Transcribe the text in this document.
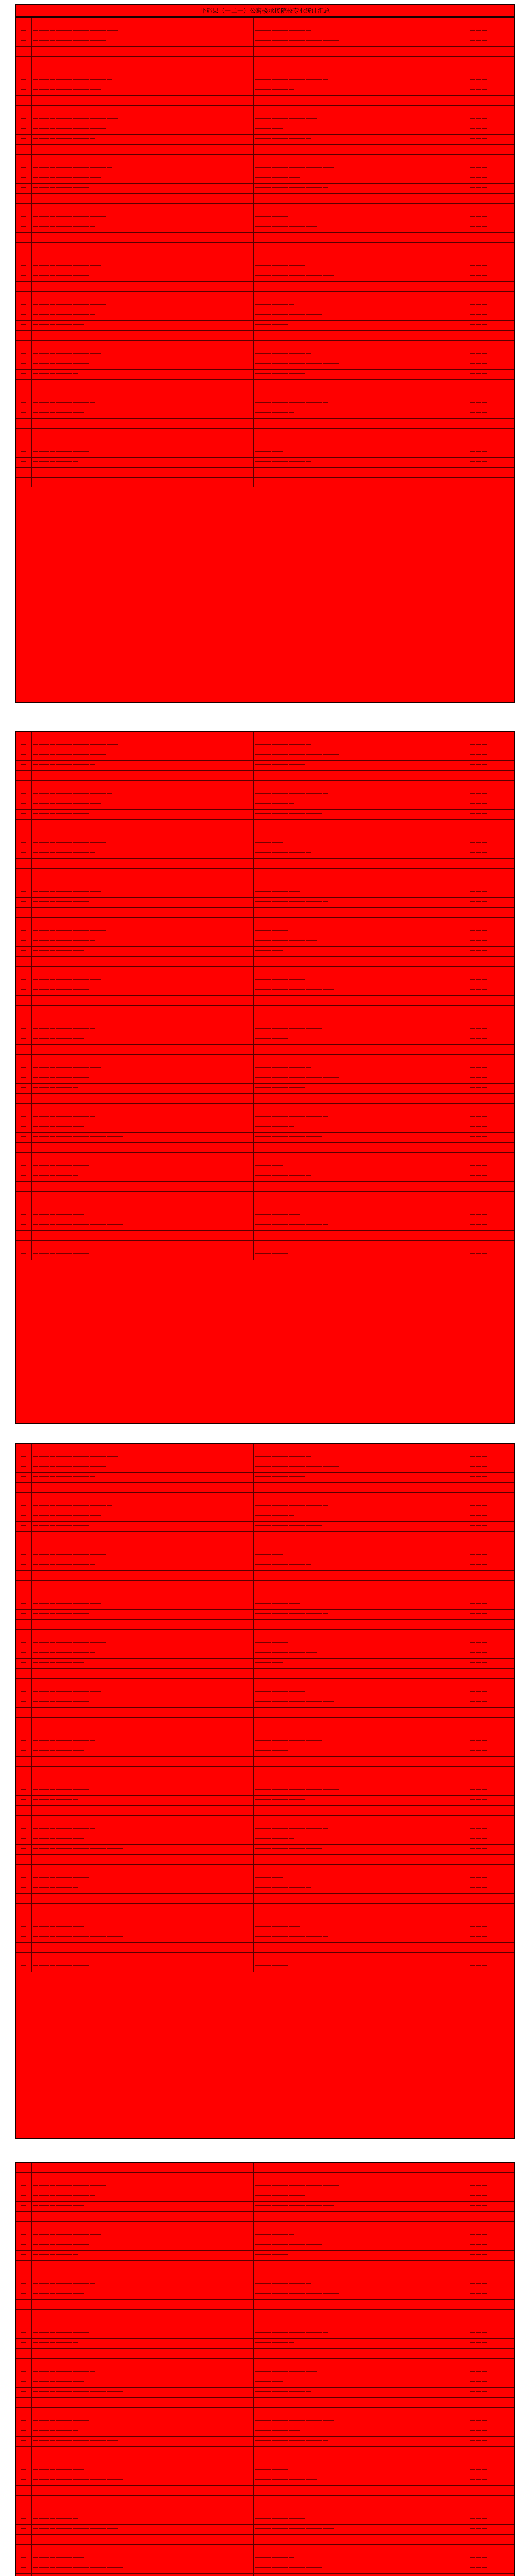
平遥县（一二一）公寓楼承接院校专业统计汇总
